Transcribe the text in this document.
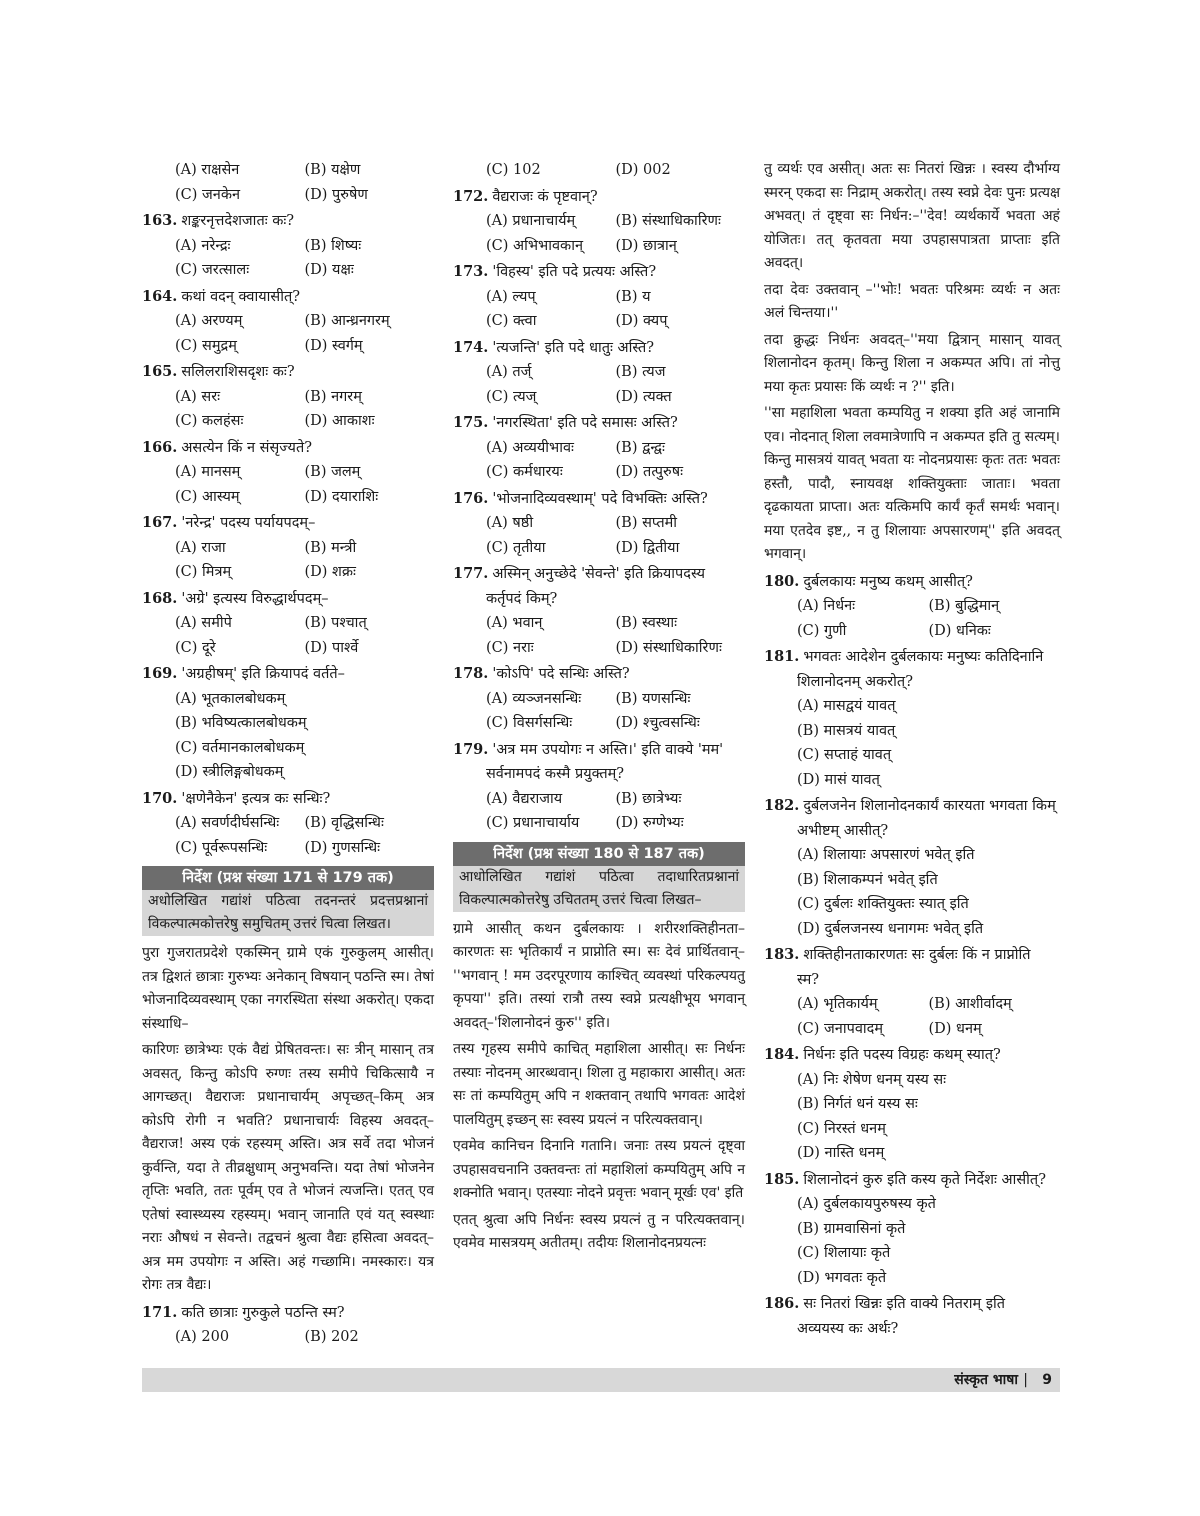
(A) राक्षसेन	(B) यक्षेण
(C) जनकेन	(D) पुरुषेण
163. शङ्करनृत्तदेशजातः कः?
(A) नरेन्द्रः	(B) शिष्यः
(C) जरत्सालः	(D) यक्षः
164. कथां वदन् क्वायासीत्?
(A) अरण्यम्	(B) आन्ध्रनगरम्
(C) समुद्रम्	(D) स्वर्गम्
165. सलिलराशिसदृशः कः?
(A) सरः	(B) नगरम्
(C) कलहंसः	(D) आकाशः
166. असत्येन किं न संसृज्यते?
(A) मानसम्	(B) जलम्
(C) आस्यम्	(D) दयाराशिः
167. 'नरेन्द्र' पदस्य पर्यायपदम्–
(A) राजा	(B) मन्त्री
(C) मित्रम्	(D) शक्रः
168. 'अग्रे' इत्यस्य विरुद्धार्थपदम्–
(A) समीपे	(B) पश्चात्
(C) दूरे	(D) पार्श्वे
169. 'अग्रहीषम्' इति क्रियापदं वर्तते–
(A) भूतकालबोधकम्
(B) भविष्यत्कालबोधकम्
(C) वर्तमानकालबोधकम्
(D) स्त्रीलिङ्गबोधकम्
170. 'क्षणेनैकेन' इत्यत्र कः सन्धिः?
(A) सवर्णदीर्घसन्धिः	(B) वृद्धिसन्धिः
(C) पूर्वरूपसन्धिः	(D) गुणसन्धिः
निर्देश (प्रश्न संख्या 171 से 179 तक)
अधोलिखित गद्यांशं पठित्वा तदनन्तरं प्रदत्तप्रश्नानां विकल्पात्मकोत्तरेषु समुचितम् उत्तरं चित्वा लिखत।

पुरा गुजरातप्रदेशे एकस्मिन् ग्रामे एकं गुरुकुलम् आसीत्। तत्र द्विशतं छात्राः गुरुभ्यः अनेकान् विषयान् पठन्ति स्म। तेषां भोजनादिव्यवस्थाम् एका नगरस्थिता संस्था अकरोत्। एकदा संस्थाधि–

कारिणः छात्रेभ्यः एकं वैद्यं प्रेषितवन्तः। सः त्रीन् मासान् तत्र अवसत्, किन्तु कोऽपि रुग्णः तस्य समीपे चिकित्सायै न आगच्छत्। वैद्यराजः प्रधानाचार्यम् अपृच्छत्–किम् अत्र कोऽपि रोगी न भवति? प्रधानाचार्यः विहस्य अवदत्–वैद्यराज! अस्य एकं रहस्यम् अस्ति। अत्र सर्वे तदा भोजनं कुर्वन्ति, यदा ते तीव्रक्षुधाम् अनुभवन्ति। यदा तेषां भोजनेन तृप्तिः भवति, ततः पूर्वम् एव ते भोजनं त्यजन्ति। एतत् एव एतेषां स्वास्थ्यस्य रहस्यम्। भवान् जानाति एवं यत् स्वस्थाः नराः औषधं न सेवन्ते। तद्वचनं श्रुत्वा वैद्यः हसित्वा अवदत्–अत्र मम उपयोगः न अस्ति। अहं गच्छामि। नमस्कारः। यत्र रोगः तत्र वैद्यः।

171. कति छात्राः गुरुकुले पठन्ति स्म?
(A) 200	(B) 202
(C) 102	(D) 002
172. वैद्यराजः कं पृष्टवान्?
(A) प्रधानाचार्यम्	(B) संस्थाधिकारिणः
(C) अभिभावकान्	(D) छात्रान्
173. 'विहस्य' इति पदे प्रत्ययः अस्ति?
(A) ल्यप्	(B) य
(C) क्त्वा	(D) क्यप्
174. 'त्यजन्ति' इति पदे धातुः अस्ति?
(A) तर्ज्	(B) त्यज
(C) त्यज्	(D) त्यक्त
175. 'नगरस्थिता' इति पदे समासः अस्ति?
(A) अव्ययीभावः	(B) द्वन्द्वः
(C) कर्मधारयः	(D) तत्पुरुषः
176. 'भोजनादिव्यवस्थाम्' पदे विभक्तिः अस्ति?
(A) षष्ठी	(B) सप्तमी
(C) तृतीया	(D) द्वितीया
177. अस्मिन् अनुच्छेदे 'सेवन्ते' इति क्रियापदस्य
कर्तृपदं किम्?
(A) भवान्	(B) स्वस्थाः
(C) नराः	(D) संस्थाधिकारिणः
178. 'कोऽपि' पदे सन्धिः अस्ति?
(A) व्यञ्जनसन्धिः	(B) यणसन्धिः
(C) विसर्गसन्धिः	(D) श्चुत्वसन्धिः
179. 'अत्र मम उपयोगः न अस्ति।' इति वाक्ये 'मम'
सर्वनामपदं कस्मै प्रयुक्तम्?
(A) वैद्यराजाय	(B) छात्रेभ्यः
(C) प्रधानाचार्याय	(D) रुग्णेभ्यः
निर्देश (प्रश्न संख्या 180 से 187 तक)
आधोलिखित गद्यांशं पठित्वा तदाधारितप्रश्नानां विकल्पात्मकोत्तरेषु उचिततम् उत्तरं चित्वा लिखत–

ग्रामे आसीत् कथन दुर्बलकायः । शरीरशक्तिहीनता–कारणतः सः भृतिकार्यं न प्राप्नोति स्म। सः देवं प्रार्थितवान्– ''भगवान् ! मम उदरपूरणाय काश्चित् व्यवस्थां परिकल्पयतु कृपया'' इति। तस्यां रात्रौ तस्य स्वप्ने प्रत्यक्षीभूय भगवान् अवदत्–'शिलानोदनं कुरु'' इति।

तस्य गृहस्य समीपे काचित् महाशिला आसीत्। सः निर्धनः तस्याः नोदनम् आरब्धवान्। शिला तु महाकारा आसीत्। अतः सः तां कम्पयितुम् अपि न शक्तवान् तथापि भगवतः आदेशं पालयितुम् इच्छन् सः स्वस्य प्रयत्नं न परित्यक्तवान्।

एवमेव कानिचन दिनानि गतानि। जनाः तस्य प्रयत्नं दृष्ट्वा उपहासवचनानि उक्तवन्तः तां महाशिलां कम्पयितुम् अपि न शक्नोति भवान्। एतस्याः नोदने प्रवृत्तः भवान् मूर्खः एव' इति

एतत् श्रुत्वा अपि निर्धनः स्वस्य प्रयत्नं तु न परित्यक्तवान्। एवमेव मासत्रयम् अतीतम्। तदीयः शिलानोदनप्रयत्नः

तु व्यर्थः एव असीत्। अतः सः नितरां खिन्नः । स्वस्य दौर्भाग्य स्मरन् एकदा सः निद्राम् अकरोत्। तस्य स्वप्ने देवः पुनः प्रत्यक्ष अभवत्। तं दृष्ट्वा सः निर्धन:–''देव! व्यर्थकार्ये भवता अहं योजितः। तत् कृतवता मया उपहासपात्रता प्राप्ताः इति अवदत्।

तदा देवः उक्तवान् –''भोः! भवतः परिश्रमः व्यर्थः न अतः अलं चिन्तया।''

तदा क्रुद्धः निर्धनः अवदत्–''मया द्वित्रान् मासान् यावत् शिलानोदन कृतम्। किन्तु शिला न अकम्पत अपि। तां नोत्तु मया कृतः प्रयासः किं व्यर्थः न ?'' इति।

''सा महाशिला भवता कम्पयितु न शक्या इति अहं जानामि एव। नोदनात् शिला लवमात्रेणापि न अकम्पत इति तु सत्यम्। किन्तु मासत्रयं यावत् भवता यः नोदनप्रयासः कृतः ततः भवतः हस्तौ, पादौ, स्नायवक्ष शक्तियुक्ताः जाताः। भवता दृढकायता प्राप्ता। अतः यत्किमपि कार्यं कृर्तं समर्थः भवान्। मया एतदेव इष्ट,, न तु शिलायाः अपसारणम्'' इति अवदत् भगवान्।

180. दुर्बलकायः मनुष्य कथम् आसीत्?
(A) निर्धनः	(B) बुद्धिमान्
(C) गुणी	(D) धनिकः
181. भगवतः आदेशेन दुर्बलकायः मनुष्यः कतिदिनानि
शिलानोदनम् अकरोत्?
(A) मासद्वयं यावत्
(B) मासत्रयं यावत्
(C) सप्ताहं यावत्
(D) मासं यावत्
182. दुर्बलजनेन शिलानोदनकार्यं कारयता भगवता किम्
अभीष्टम् आसीत्?
(A) शिलायाः अपसारणं भवेत् इति
(B) शिलाकम्पनं भवेत् इति
(C) दुर्बलः शक्तियुक्तः स्यात् इति
(D) दुर्बलजनस्य धनागमः भवेत् इति
183. शक्तिहीनताकारणतः सः दुर्बलः किं न प्राप्नोति
स्म?
(A) भृतिकार्यम्	(B) आशीर्वादम्
(C) जनापवादम्	(D) धनम्
184. निर्धनः इति पदस्य विग्रहः कथम् स्यात्?
(A) निः शेषेण धनम् यस्य सः
(B) निर्गतं धनं यस्य सः
(C) निरस्तं धनम्
(D) नास्ति धनम्
185. शिलानोदनं कुरु इति कस्य कृते निर्देशः आसीत्?
(A) दुर्बलकायपुरुषस्य कृते
(B) ग्रामवासिनां कृते
(C) शिलायाः कृते
(D) भगवतः कृते
186. सः नितरां खिन्नः इति वाक्ये नितराम् इति
अव्ययस्य कः अर्थः?
संस्कृत भाषा | 9
